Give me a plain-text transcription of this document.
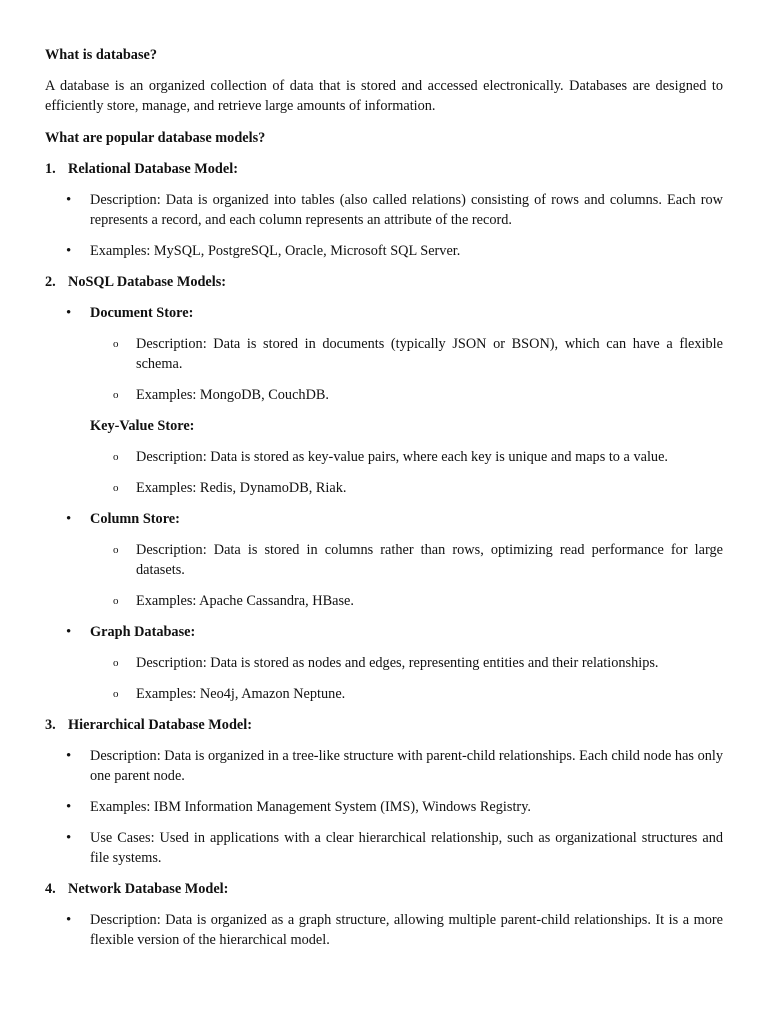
What is database?

A database is an organized collection of data that is stored and accessed electronically. Databases are designed to efficiently store, manage, and retrieve large amounts of information.

What are popular database models?

1. Relational Database Model:

• Description: Data is organized into tables (also called relations) consisting of rows and columns. Each row represents a record, and each column represents an attribute of the record.

• Examples: MySQL, PostgreSQL, Oracle, Microsoft SQL Server.

2. NoSQL Database Models:

• Document Store:

o Description: Data is stored in documents (typically JSON or BSON), which can have a flexible schema.

o Examples: MongoDB, CouchDB.

Key-Value Store:

o Description: Data is stored as key-value pairs, where each key is unique and maps to a value.

o Examples: Redis, DynamoDB, Riak.

• Column Store:

o Description: Data is stored in columns rather than rows, optimizing read performance for large datasets.

o Examples: Apache Cassandra, HBase.

• Graph Database:

o Description: Data is stored as nodes and edges, representing entities and their relationships.

o Examples: Neo4j, Amazon Neptune.

3. Hierarchical Database Model:

• Description: Data is organized in a tree-like structure with parent-child relationships. Each child node has only one parent node.

• Examples: IBM Information Management System (IMS), Windows Registry.

• Use Cases: Used in applications with a clear hierarchical relationship, such as organizational structures and file systems.

4. Network Database Model:

• Description: Data is organized as a graph structure, allowing multiple parent-child relationships. It is a more flexible version of the hierarchical model.
